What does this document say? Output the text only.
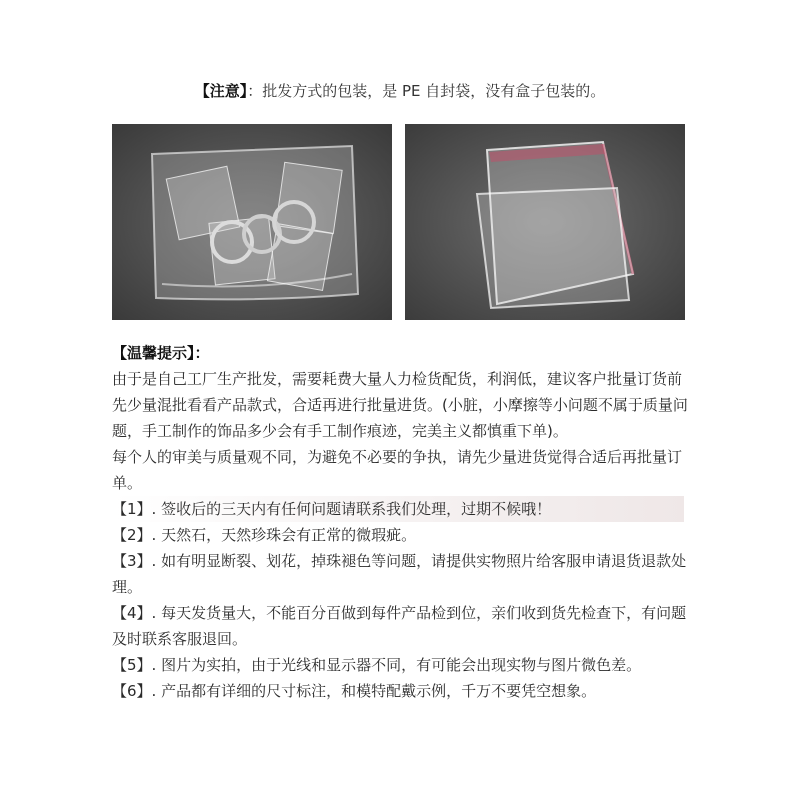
【注意】：批发方式的包装，是 PE 自封袋，没有盒子包装的。

【温馨提示】：

由于是自己工厂生产批发，需要耗费大量人力检货配货，利润低，建议客户批量订货前先少量混批看看产品款式，合适再进行批量进货。(小脏，小摩擦等小问题不属于质量问题，手工制作的饰品多少会有手工制作痕迹，完美主义都慎重下单)。

每个人的审美与质量观不同，为避免不必要的争执，请先少量进货觉得合适后再批量订单。

【1】. 签收后的三天内有任何问题请联系我们处理，过期不候哦！

【2】. 天然石，天然珍珠会有正常的微瑕疵。

【3】. 如有明显断裂、划花，掉珠褪色等问题，请提供实物照片给客服申请退货退款处理。

【4】. 每天发货量大，不能百分百做到每件产品检到位，亲们收到货先检查下，有问题及时联系客服退回。

【5】. 图片为实拍，由于光线和显示器不同，有可能会出现实物与图片微色差。

【6】. 产品都有详细的尺寸标注，和模特配戴示例，千万不要凭空想象。
